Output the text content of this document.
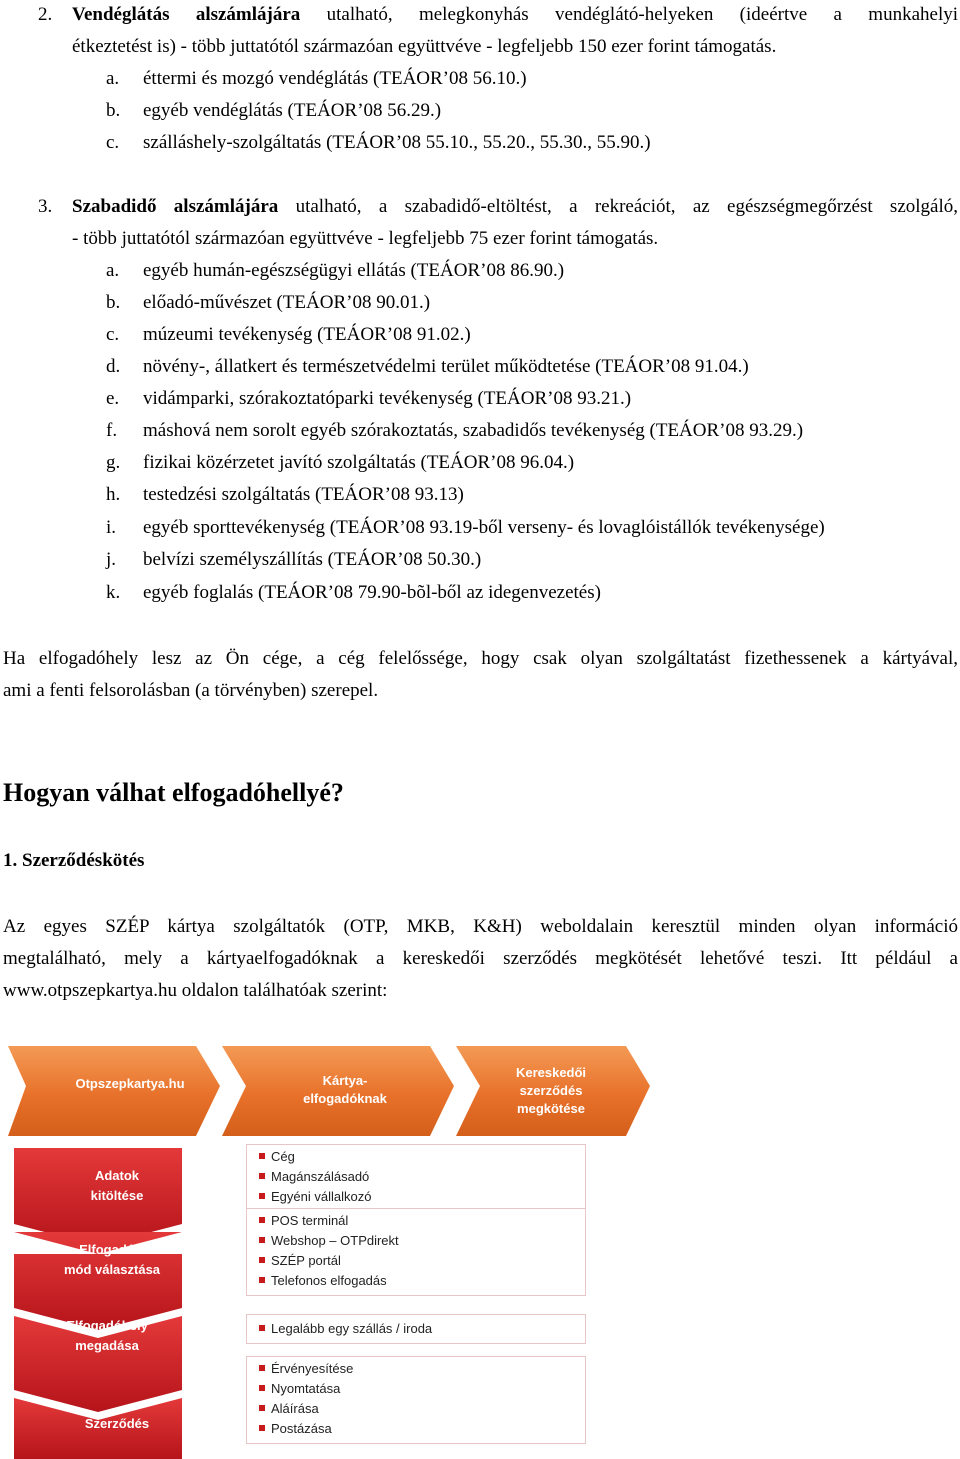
2. Vendéglátás alszámlájára utalható, melegkonyhás vendéglátó-helyeken (ideértve a munkahelyi
étkeztetést is) - több juttatótól származóan együttvéve - legfeljebb 150 ezer forint támogatás.
a. éttermi és mozgó vendéglátás (TEÁOR’08 56.10.)
b. egyéb vendéglátás (TEÁOR’08 56.29.)
c. szálláshely-szolgáltatás (TEÁOR’08 55.10., 55.20., 55.30., 55.90.)
3. Szabadidő alszámlájára utalható, a szabadidő-eltöltést, a rekreációt, az egészségmegőrzést szolgáló,
- több juttatótól származóan együttvéve - legfeljebb 75 ezer forint támogatás.
a. egyéb humán-egészségügyi ellátás (TEÁOR’08 86.90.)
b. előadó-művészet (TEÁOR’08 90.01.)
c. múzeumi tevékenység (TEÁOR’08 91.02.)
d. növény-, állatkert és természetvédelmi terület működtetése (TEÁOR’08 91.04.)
e. vidámparki, szórakoztatóparki tevékenység (TEÁOR’08 93.21.)
f. máshová nem sorolt egyéb szórakoztatás, szabadidős tevékenység (TEÁOR’08 93.29.)
g. fizikai közérzetet javító szolgáltatás (TEÁOR’08 96.04.)
h. testedzési szolgáltatás (TEÁOR’08 93.13)
i. egyéb sporttevékenység (TEÁOR’08 93.19-ből verseny- és lovaglóistállók tevékenysége)
j. belvízi személyszállítás (TEÁOR’08 50.30.)
k. egyéb foglalás (TEÁOR’08 79.90-bõl-ből az idegenvezetés)
Ha elfogadóhely lesz az Ön cége, a cég felelőssége, hogy csak olyan szolgáltatást fizethessenek a kártyával,
ami a fenti felsorolásban (a törvényben) szerepel.
Hogyan válhat elfogadóhellyé?
1. Szerződéskötés
Az egyes SZÉP kártya szolgáltatók (OTP, MKB, K&H) weboldalain keresztül minden olyan információ
megtalálható, mely a kártyaelfogadóknak a kereskedői szerződés megkötését lehetővé teszi. Itt például a
www.otpszepkartya.hu oldalon találhatóak szerint:
Otpszepkartya.hu	Kártya-
elfogadóknak
Kereskedői
szerződés
megkötése
Adatok
kitöltése
Elfogadási
mód választása
Elfogadóhely
megadása
Szerződés
Cég
Magánszálásadó
Egyéni vállalkozó
POS terminál
Webshop – OTPdirekt
SZÉP portál
Telefonos elfogadás
Legalább egy szállás / iroda
Érvényesítése
Nyomtatása
Aláírása
Postázása
